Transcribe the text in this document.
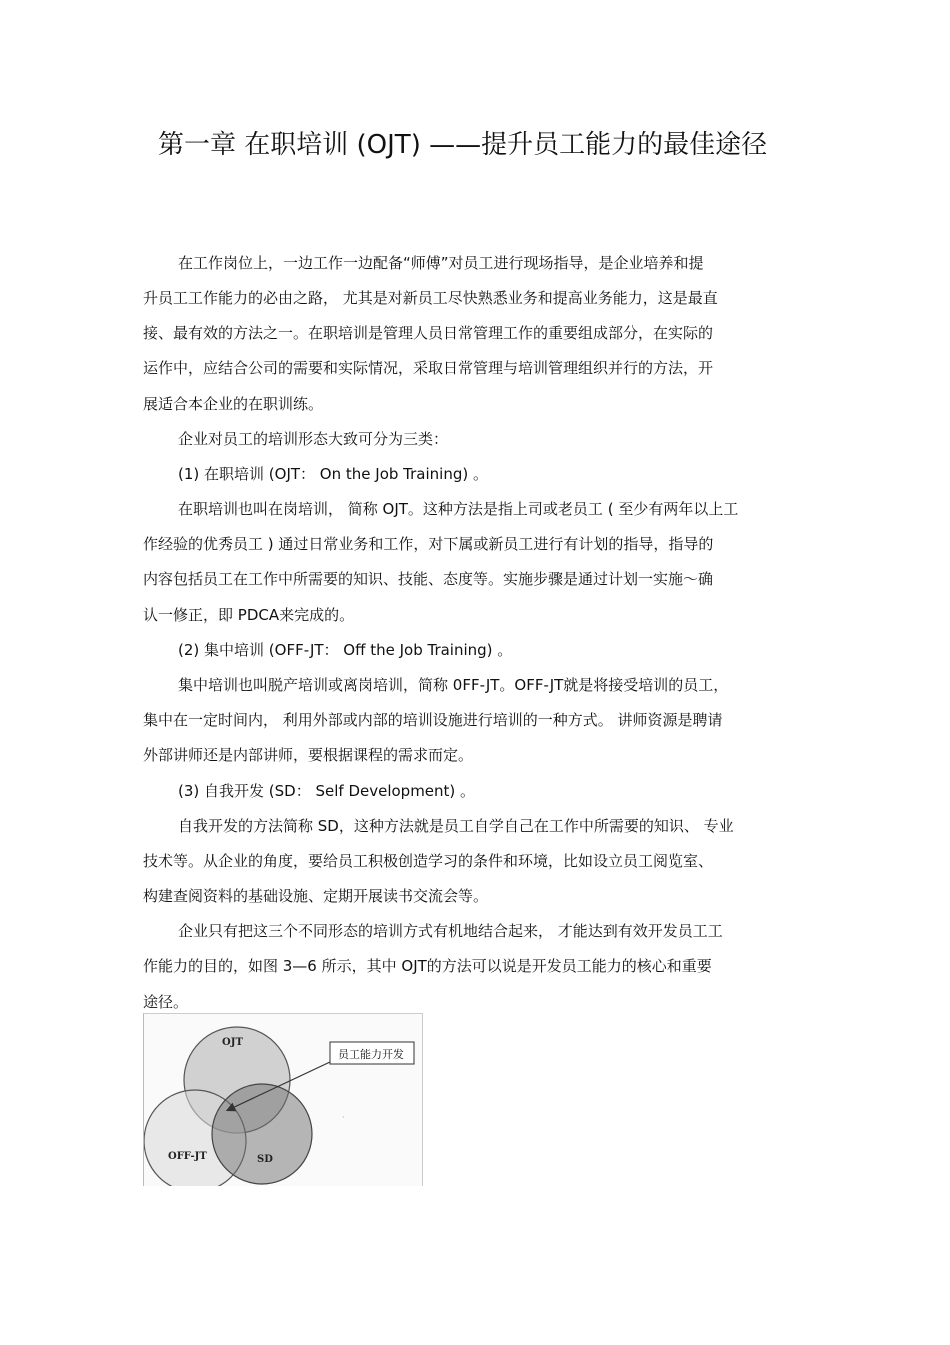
第一章 在职培训 (OJT) ——提升员工能力的最佳途径

在工作岗位上，一边工作一边配备“师傅”对员工进行现场指导，是企业培养和提

升员工工作能力的必由之路， 尤其是对新员工尽快熟悉业务和提高业务能力，这是最直

接、最有效的方法之一。在职培训是管理人员日常管理工作的重要组成部分，在实际的

运作中，应结合公司的需要和实际情况，采取日常管理与培训管理组织并行的方法，开

展适合本企业的在职训练。

企业对员工的培训形态大致可分为三类：

(1) 在职培训 (OJT： On the Job Training) 。

在职培训也叫在岗培训， 简称 OJT。这种方法是指上司或老员工 ( 至少有两年以上工

作经验的优秀员工 ) 通过日常业务和工作，对下属或新员工进行有计划的指导，指导的

内容包括员工在工作中所需要的知识、技能、态度等。实施步骤是通过计划一实施～确

认一修正，即 PDCA来完成的。

(2) 集中培训 (OFF-JT： Off the Job Training) 。

集中培训也叫脱产培训或离岗培训，简称 0FF-JT。OFF-JT就是将接受培训的员工，

集中在一定时间内， 利用外部或内部的培训设施进行培训的一种方式。 讲师资源是聘请

外部讲师还是内部讲师，要根据课程的需求而定。

(3) 自我开发 (SD： Self Development) 。

自我开发的方法简称 SD，这种方法就是员工自学自己在工作中所需要的知识、 专业

技术等。从企业的角度，要给员工积极创造学习的条件和环境，比如设立员工阅览室、

构建查阅资料的基础设施、定期开展读书交流会等。

企业只有把这三个不同形态的培训方式有机地结合起来， 才能达到有效开发员工工

作能力的目的，如图 3—6 所示，其中 OJT的方法可以说是开发员工能力的核心和重要

途径。

OJT
OFF-JT	SD
员工能力开发
·
